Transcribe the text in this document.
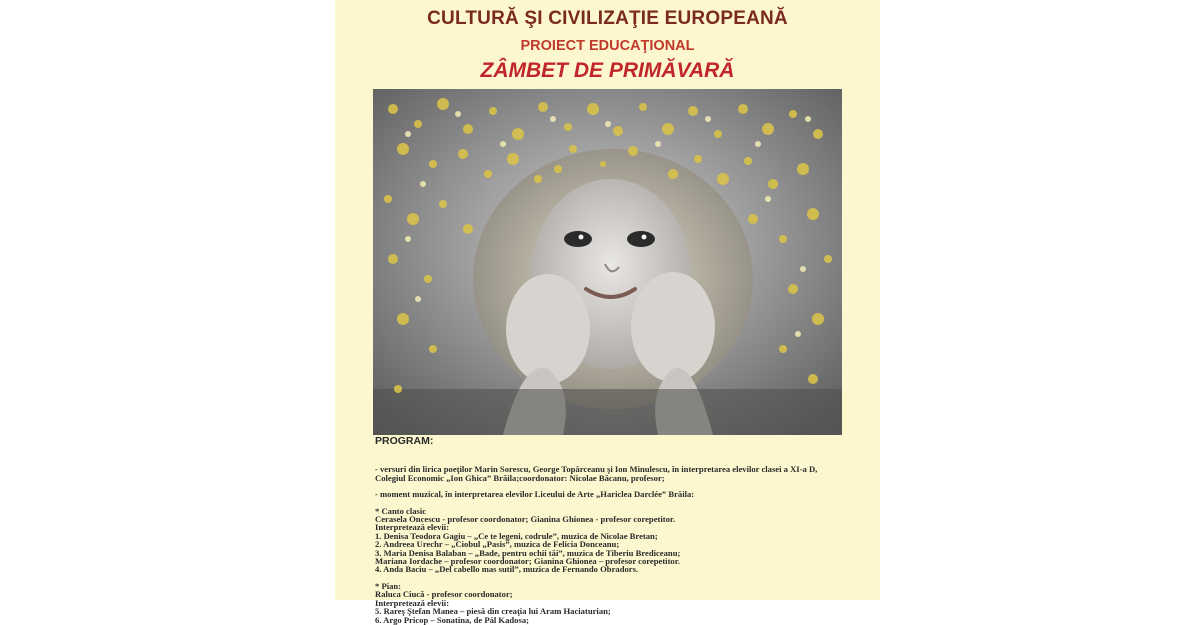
CULTURĂ ŞI CIVILIZAŢIE EUROPEANĂ
PROIECT EDUCAŢIONAL
ZÂMBET DE PRIMĂVARĂ
PROGRAM:
- versuri din lirica poeţilor Marin Sorescu, George Topârceanu şi Ion Minulescu, în interpretarea elevilor clasei a XI-a D,
Colegiul Economic „Ion Ghica” Brăila;coordonator: Nicolae Băcanu, profesor;
- moment muzical, în interpretarea elevilor Liceului de Arte „Hariclea Darclée” Brăila:
* Canto clasic
Cerasela Oncescu - profesor coordonator; Gianina Ghionea - profesor corepetitor.
Interpretează elevii:
1. Denisa Teodora Gagiu – „Ce te legeni, codrule”, muzica de Nicolae Bretan;
2. Andreea Urechr – „Ciobul „Pasis”, muzica de Felicia Donceanu;
3. Maria Denisa Balaban – „Bade, pentru ochii tăi”, muzica de Tiberiu Brediceanu;
Mariana Iordache – profesor coordonator; Gianina Ghionea – profesor corepetitor.
4. Anda Baciu – „Del cabello mas sutil”, muzica de Fernando Obradors.
* Pian:
Raluca Ciucă - profesor coordonator;
Interpretează elevii:
5. Rareş Ştefan Manea – piesă din creaţia lui Aram Haciaturian;
6. Argo Pricop – Sonatina, de Pál Kadosa;
